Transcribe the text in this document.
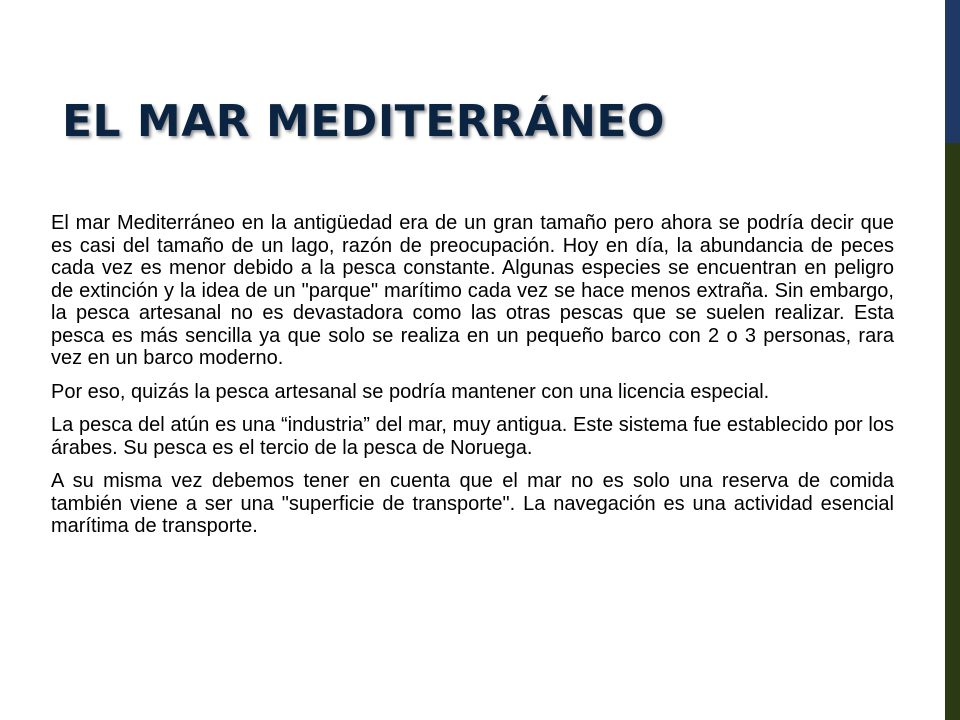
EL MAR MEDITERRÁNEO

El mar Mediterráneo en la antigüedad era de un gran tamaño pero ahora se podría decir que es casi del tamaño de un lago, razón de preocupación. Hoy en día, la abundancia de peces cada vez es menor debido a la pesca constante. Algunas especies se encuentran en peligro de extinción y la idea de un "parque" marítimo cada vez se hace menos extraña. Sin embargo, la pesca artesanal no es devastadora como las otras pescas que se suelen realizar. Esta pesca es más sencilla ya que solo se realiza en un pequeño barco con 2 o 3 personas, rara vez en un barco moderno.

Por eso, quizás la pesca artesanal se podría mantener con una licencia especial.

La pesca del atún es una “industria” del mar, muy antigua. Este sistema fue establecido por los árabes. Su pesca es el tercio de la pesca de Noruega.

A su misma vez debemos tener en cuenta que el mar no es solo una reserva de comida también viene a ser una "superficie de transporte". La navegación es una actividad esencial marítima de transporte.
